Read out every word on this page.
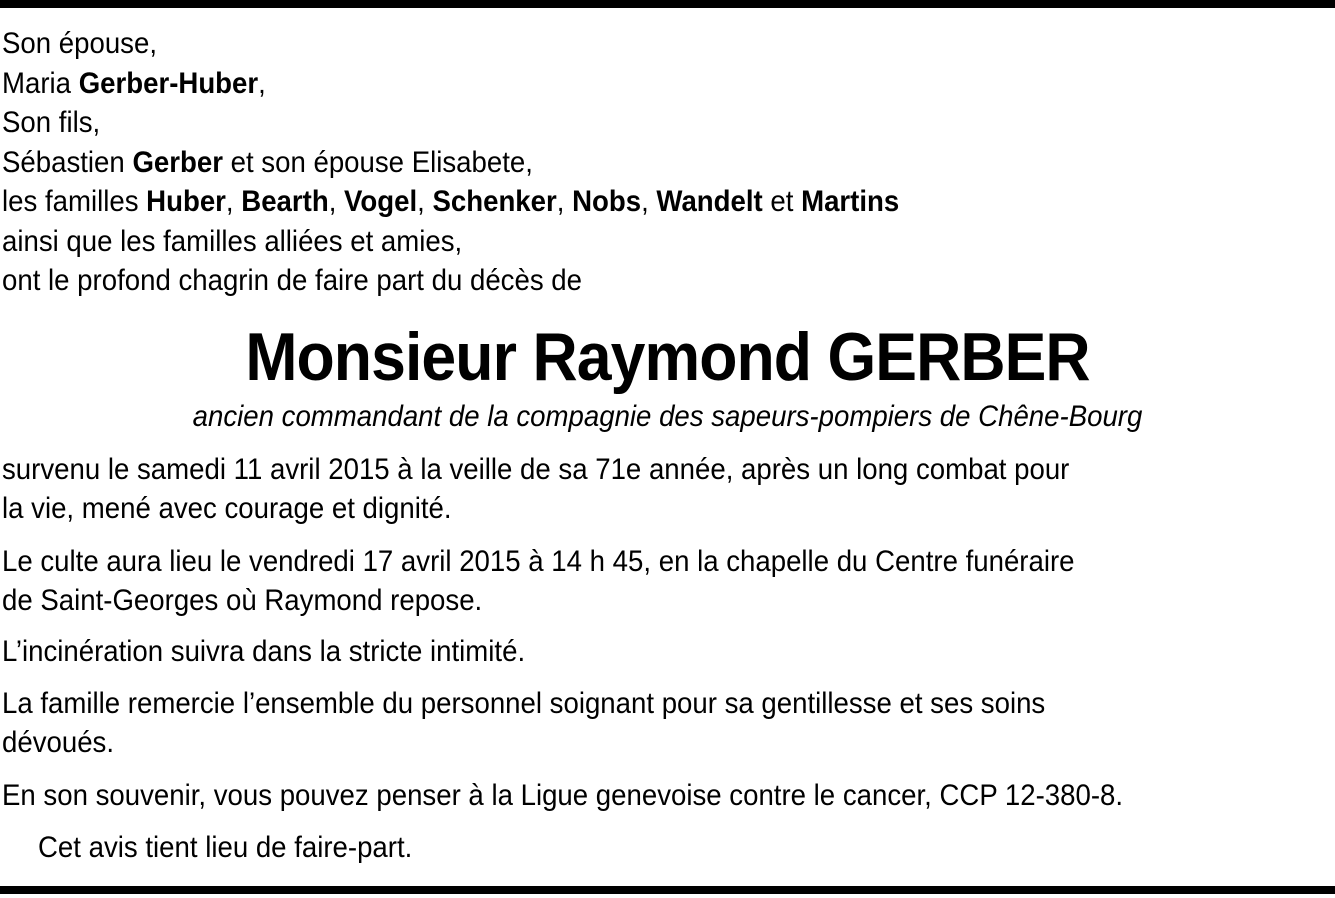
Son épouse,
Maria Gerber-Huber,
Son fils,
Sébastien Gerber et son épouse Elisabete,
les familles Huber, Bearth, Vogel, Schenker, Nobs, Wandelt et Martins
ainsi que les familles alliées et amies,
ont le profond chagrin de faire part du décès de
Monsieur Raymond GERBER
ancien commandant de la compagnie des sapeurs-pompiers de Chêne-Bourg
survenu le samedi 11 avril 2015 à la veille de sa 71e année, après un long combat pour
la vie, mené avec courage et dignité.
Le culte aura lieu le vendredi 17 avril 2015 à 14 h 45, en la chapelle du Centre funéraire
de Saint-Georges où Raymond repose.
L’incinération suivra dans la stricte intimité.
La famille remercie l’ensemble du personnel soignant pour sa gentillesse et ses soins
dévoués.
En son souvenir, vous pouvez penser à la Ligue genevoise contre le cancer, CCP 12-380-8.
Cet avis tient lieu de faire-part.
